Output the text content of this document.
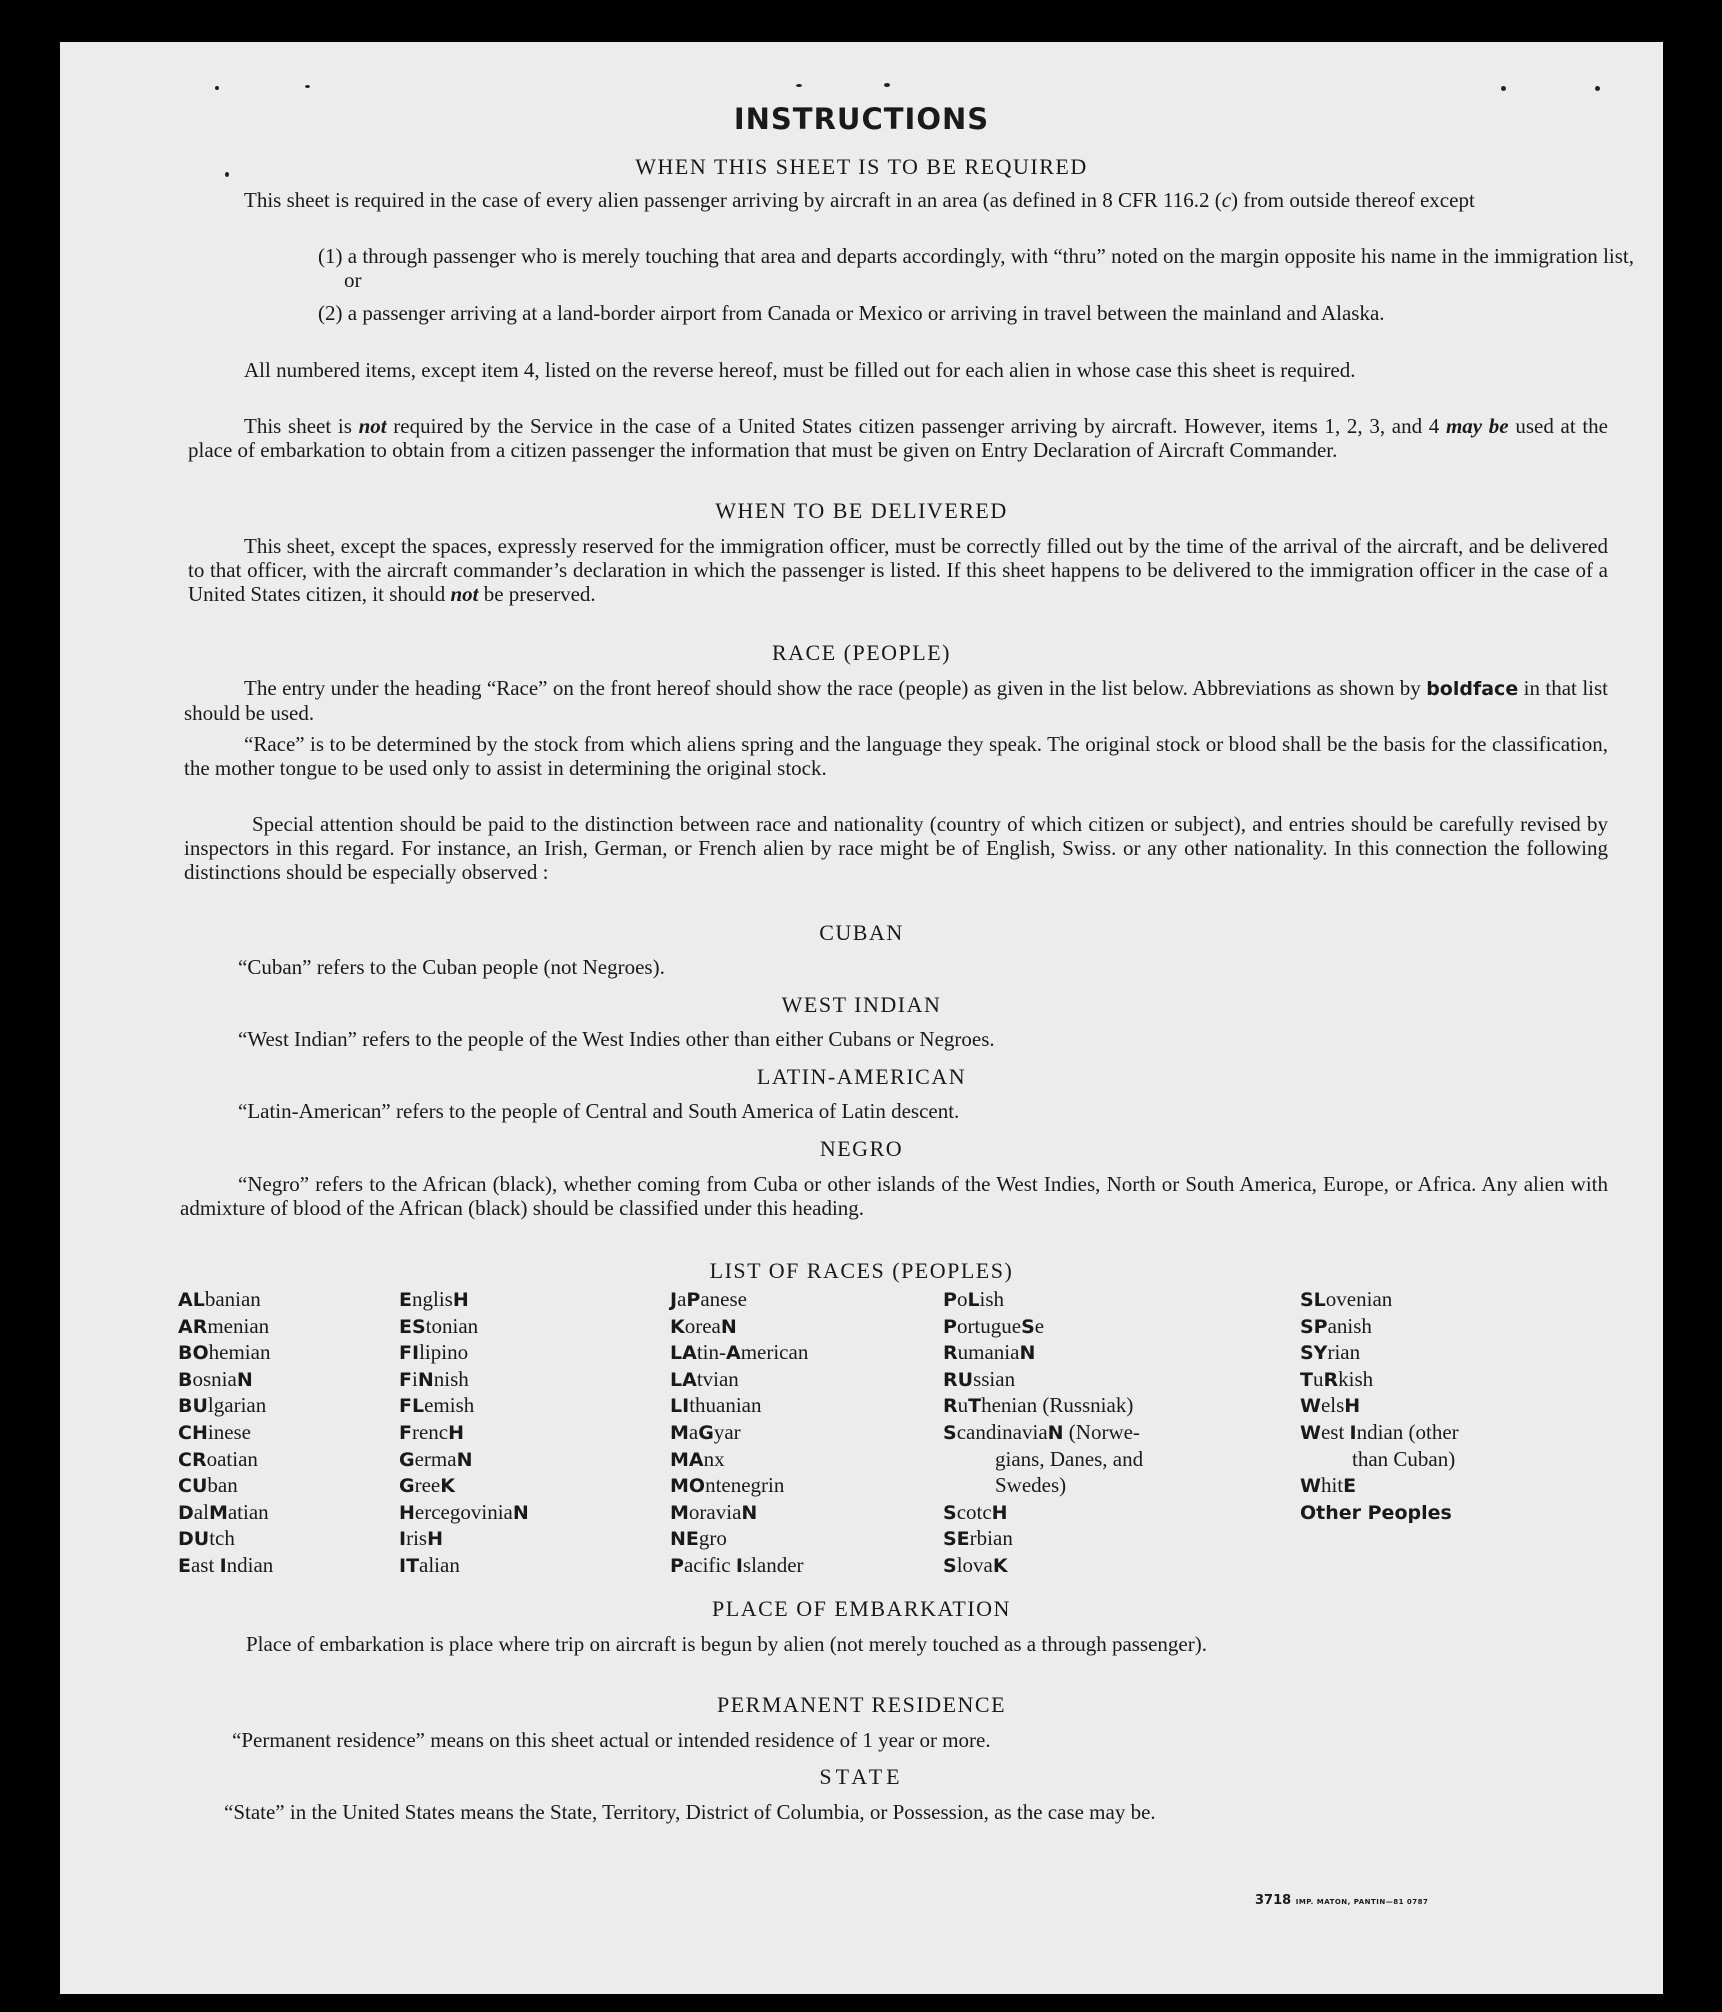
INSTRUCTIONS
WHEN THIS SHEET IS TO BE REQUIRED
This sheet is required in the case of every alien passenger arriving by aircraft in an area (as defined in 8 CFR 116.2 (c) from outside thereof except
(1) a through passenger who is merely touching that area and departs accordingly, with “thru” noted on the margin opposite his name in the immigration list, or
(2) a passenger arriving at a land-border airport from Canada or Mexico or arriving in travel between the mainland and Alaska.
All numbered items, except item 4, listed on the reverse hereof, must be filled out for each alien in whose case this sheet is required.
This sheet is not required by the Service in the case of a United States citizen passenger arriving by aircraft. However, items 1, 2, 3, and 4 may be used at the place of embarkation to obtain from a citizen passenger the information that must be given on Entry Declaration of Aircraft Commander.
WHEN TO BE DELIVERED
This sheet, except the spaces, expressly reserved for the immigration officer, must be correctly filled out by the time of the arrival of the aircraft, and be delivered to that officer, with the aircraft commander’s declaration in which the passenger is listed. If this sheet happens to be delivered to the immigration officer in the case of a United States citizen, it should not be preserved.
RACE (PEOPLE)
The entry under the heading “Race” on the front hereof should show the race (people) as given in the list below. Abbreviations as shown by boldface in that list should be used.
“Race” is to be determined by the stock from which aliens spring and the language they speak. The original stock or blood shall be the basis for the classification, the mother tongue to be used only to assist in determining the original stock.
Special attention should be paid to the distinction between race and nationality (country of which citizen or subject), and entries should be carefully revised by inspectors in this regard. For instance, an Irish, German, or French alien by race might be of English, Swiss. or any other nationality. In this connection the following distinctions should be especially observed :
CUBAN
“Cuban” refers to the Cuban people (not Negroes).
WEST INDIAN
“West Indian” refers to the people of the West Indies other than either Cubans or Negroes.
LATIN-AMERICAN
“Latin-American” refers to the people of Central and South America of Latin descent.
NEGRO
“Negro” refers to the African (black), whether coming from Cuba or other islands of the West Indies, North or South America, Europe, or Africa. Any alien with admixture of blood of the African (black) should be classified under this heading.
LIST OF RACES (PEOPLES)
ALbanian
ARmenian
BOhemian
BosniaN
BUlgarian
CHinese
CRoatian
CUban
DalMatian
DUtch
East Indian
EnglisH
EStonian
FIlipino
FiNnish
FLemish
FrencH
GermaN
GreeK
HercegoviniaN
IrisH
ITalian
JaPanese
KoreaN
LAtin-American
LAtvian
LIthuanian
MaGyar
MAnx
MOntenegrin
MoraviaN
NEgro
Pacific Islander
PoLish
PortugueSe
RumaniaN
RUssian
RuThenian (Russniak)
ScandinaviaN (Norwe-
gians, Danes, and
Swedes)
ScotcH
SErbian
SlovaK
SLovenian
SPanish
SYrian
TuRkish
WelsH
West Indian (other
than Cuban)
WhitE
Other Peoples
PLACE OF EMBARKATION
Place of embarkation is place where trip on aircraft is begun by alien (not merely touched as a through passenger).
PERMANENT RESIDENCE
“Permanent residence” means on this sheet actual or intended residence of 1 year or more.
STATE
“State” in the United States means the State, Territory, District of Columbia, or Possession, as the case may be.
3718 IMP. MATON, PANTIN—81 0787
